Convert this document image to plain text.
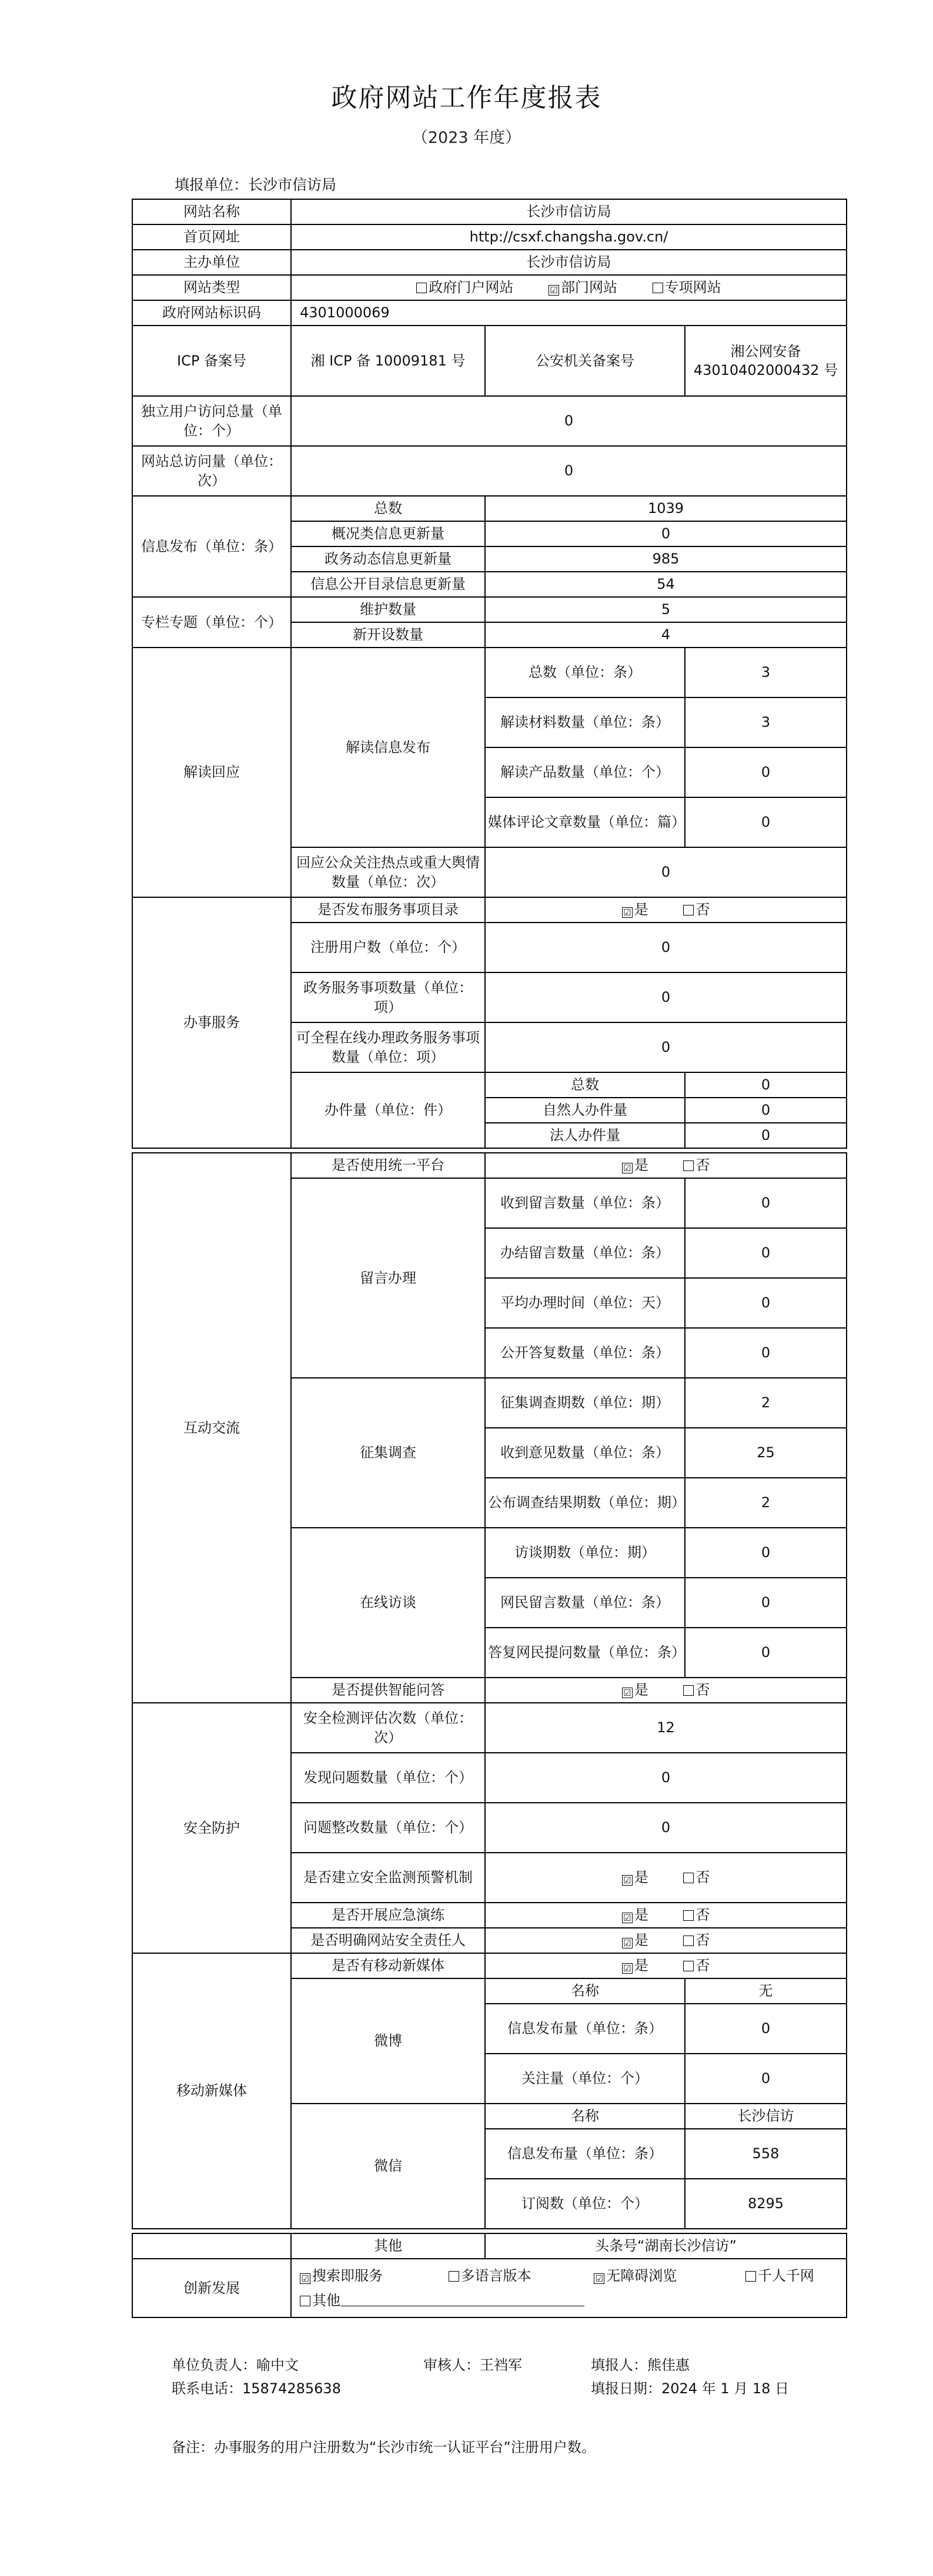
政府网站工作年度报表
（2023 年度）
填报单位：长沙市信访局
网站名称	长沙市信访局		
首页网址	http://csxf.changsha.gov.cn/		
主办单位	长沙市信访局		
网站类型	政府门户网站 ☑ 部门网站 专项网站		
政府网站标识码	4301000069		
ICP 备案号	湘 ICP 备 10009181 号	公安机关备案号	湘公网安备 43010402000432 号
独立用户访问总量（单位：个）	0		
网站总访问量（单位：次）	0		
信息发布（单位：条）	总数	1039	
	概况类信息更新量	0	
	政务动态信息更新量	985	
	信息公开目录信息更新量	54	
专栏专题（单位：个）	维护数量	5	
	新开设数量	4	
解读回应	解读信息发布	总数（单位：条）	3
		解读材料数量（单位：条）	3
		解读产品数量（单位：个）	0
		媒体评论文章数量（单位：篇）	0
	回应公众关注热点或重大舆情数量（单位：次）	0	
办事服务	是否发布服务事项目录	☑ 是 否	
	注册用户数（单位：个）	0	
	政务服务事项数量（单位：项）	0	
	可全程在线办理政务服务事项数量（单位：项）	0	
	办件量（单位：件）	总数	0
		自然人办件量	0
		法人办件量	0

互动交流	是否使用统一平台	☑ 是 否	
	留言办理	收到留言数量（单位：条）	0
		办结留言数量（单位：条）	0
		平均办理时间（单位：天）	0
		公开答复数量（单位：条）	0
	征集调查	征集调查期数（单位：期）	2
		收到意见数量（单位：条）	25
		公布调查结果期数（单位：期）	2
	在线访谈	访谈期数（单位：期）	0
		网民留言数量（单位：条）	0
		答复网民提问数量（单位：条）	0
	是否提供智能问答	☑ 是 否	
安全防护	安全检测评估次数（单位：次）	12	
	发现问题数量（单位：个）	0	
	问题整改数量（单位：个）	0	
	是否建立安全监测预警机制	☑ 是 否	
	是否开展应急演练	☑ 是 否	
	是否明确网站安全责任人	☑ 是 否	
移动新媒体	是否有移动新媒体	☑ 是 否	
	微博	名称	无
		信息发布量（单位：条）	0
		关注量（单位：个）	0
	微信	名称	长沙信访
		信息发布量（单位：条）	558
		订阅数（单位：个）	8295

	其他	头条号“湖南长沙信访”	
创新发展	☑ 搜索即服务 多语言版本 ☑ 无障碍浏览 千人千网
其他		
单位负责人：喻中文	审核人：王裆军	填报人：熊佳惠
联系电话：15874285638	填报日期：2024 年 1 月 18 日
备注：办事服务的用户注册数为“长沙市统一认证平台”注册用户数。
